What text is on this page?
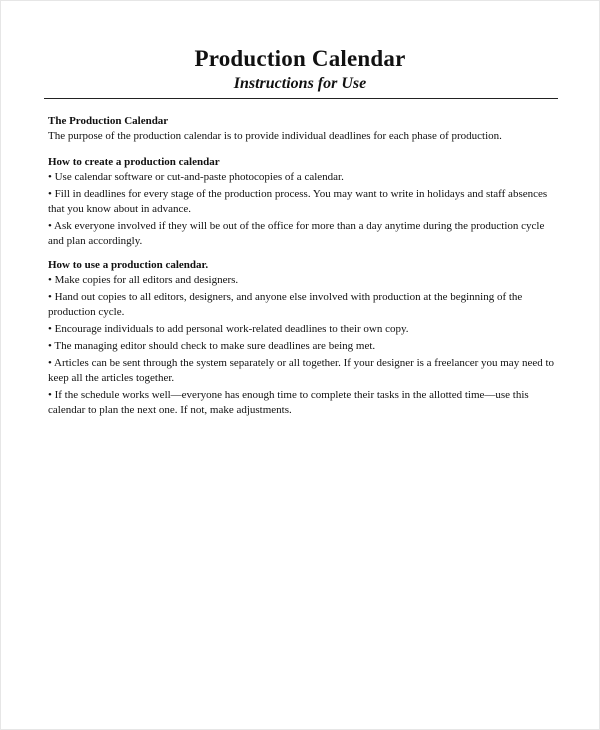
Production Calendar
Instructions for Use

The Production Calendar

The purpose of the production calendar is to provide individual deadlines for each phase of production.

How to create a production calendar

• Use calendar software or cut-and-paste photocopies of a calendar.

• Fill in deadlines for every stage of the production process. You may want to write in holidays and staff absences that you know about in advance.

• Ask everyone involved if they will be out of the office for more than a day anytime during the production cycle and plan accordingly.

How to use a production calendar.

• Make copies for all editors and designers.

• Hand out copies to all editors, designers, and anyone else involved with production at the beginning of the production cycle.

• Encourage individuals to add personal work-related deadlines to their own copy.

• The managing editor should check to make sure deadlines are being met.

• Articles can be sent through the system separately or all together. If your designer is a freelancer you may need to keep all the articles together.

• If the schedule works well—everyone has enough time to complete their tasks in the allotted time—use this calendar to plan the next one. If not, make adjustments.
